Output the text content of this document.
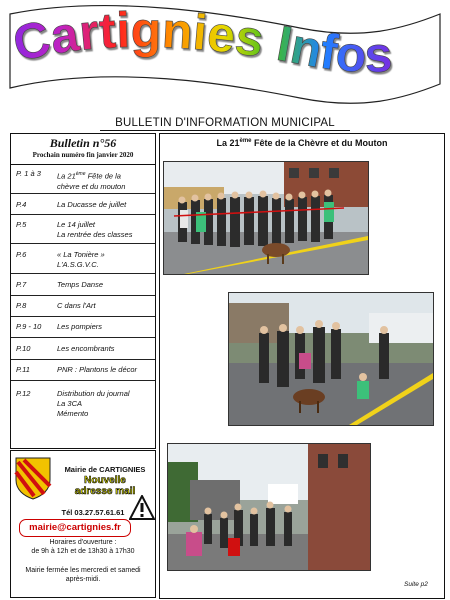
Cartignies Infos
BULLETIN D'INFORMATION MUNICIPAL
Bulletin n°56
Prochain numéro fin janvier 2020
P. 1 à 3	La 21ème Fête de la
chèvre et du mouton
P.4	La Ducasse de juillet
P.5	Le 14 juillet
La rentrée des classes
P.6	« La Tonière »
L'A.S.G.V.C.
P.7	Temps Danse
P.8	C dans l'Art
P.9 - 10	Les pompiers
P.10	Les encombrants
P.11	PNR : Plantons le décor
P.12	Distribution du journal
La 3CA
Mémento
Mairie de CARTIGNIES
Nouvelle
adresse mail
Tél 03.27.57.61.61
mairie@cartignies.fr
Horaires d'ouverture :
de 9h à 12h et de 13h30 à 17h30
Mairie fermée les mercredi et samedi après-midi.
La 21ème Fête de la Chèvre et du Mouton
Suite p2
